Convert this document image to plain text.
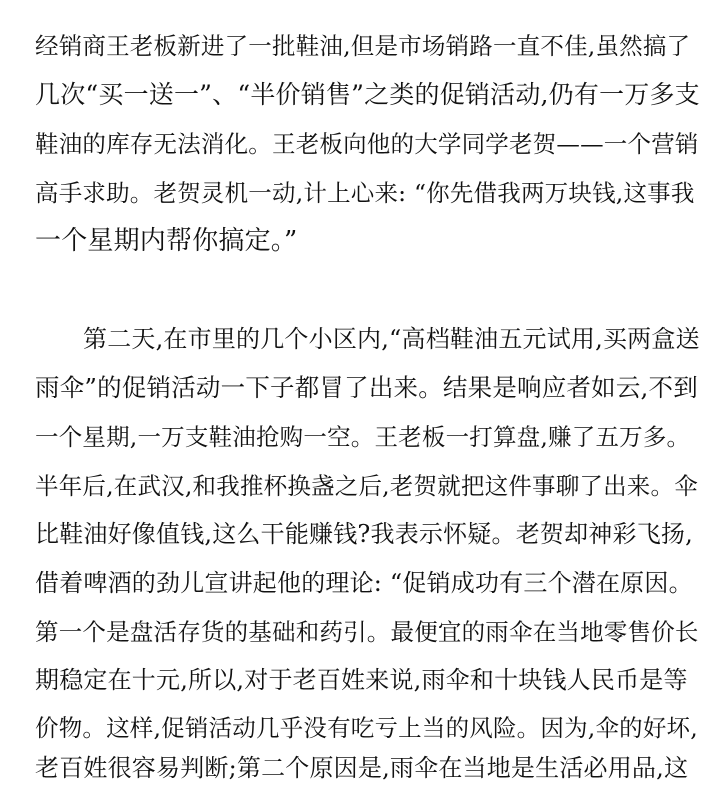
经销商王老板新进了一批鞋油,但是市场销路一直不佳,虽然搞了
几次“买一送一”、“半价销售”之类的促销活动,仍有一万多支
鞋油的库存无法消化。王老板向他的大学同学老贺——一个营销
高手求助。老贺灵机一动,计上心来: “你先借我两万块钱,这事我
一个星期内帮你搞定。”
第二天,在市里的几个小区内,“高档鞋油五元试用,买两盒送
雨伞”的促销活动一下子都冒了出来。结果是响应者如云,不到
一个星期,一万支鞋油抢购一空。王老板一打算盘,赚了五万多。
半年后,在武汉,和我推杯换盏之后,老贺就把这件事聊了出来。伞
比鞋油好像值钱,这么干能赚钱?我表示怀疑。老贺却神彩飞扬,
借着啤酒的劲儿宣讲起他的理论: “促销成功有三个潜在原因。
第一个是盘活存货的基础和药引。最便宜的雨伞在当地零售价长
期稳定在十元,所以,对于老百姓来说,雨伞和十块钱人民币是等
价物。这样,促销活动几乎没有吃亏上当的风险。因为,伞的好坏,
老百姓很容易判断;第二个原因是,雨伞在当地是生活必用品,这
